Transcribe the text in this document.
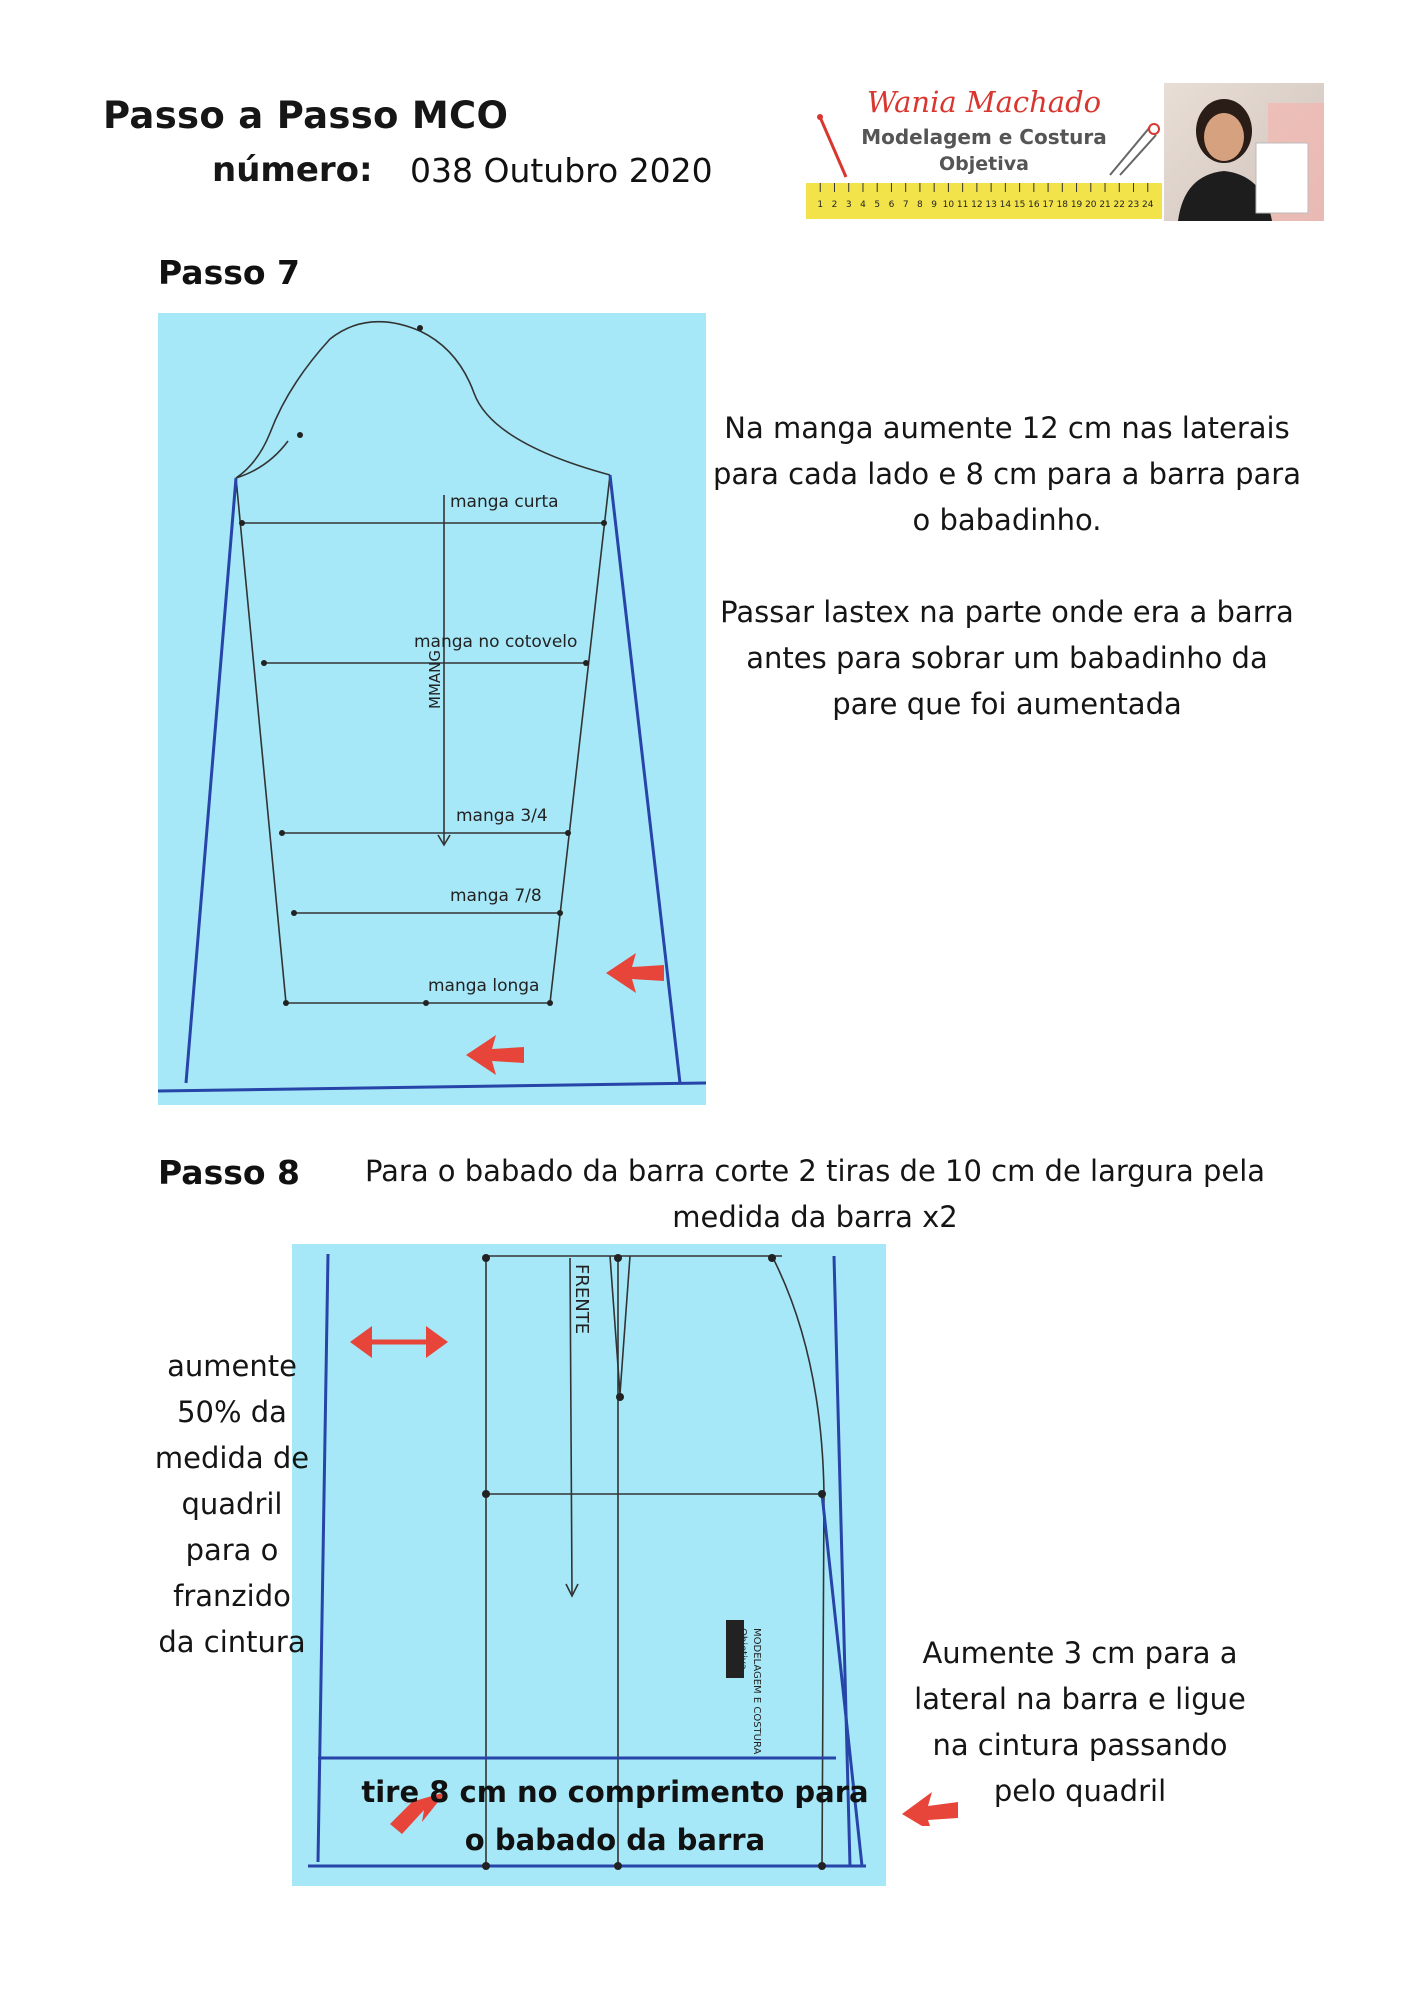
Passo a Passo MCO
número: 038 Outubro 2020
Wania Machado
Modelagem e Costura
Objetiva
1 2 3 4 5 6 7 8 9 10 11 12 13 14 15 16 17 18 19 20 21 22 23 24
Passo 7
manga curta
manga no cotovelo
manga 3/4
manga 7/8
manga longa
MMANG
Na manga aumente 12 cm nas laterais
para cada lado e 8 cm para a barra para
o babadinho.
Passar lastex na parte onde era a barra
antes para sobrar um babadinho da
pare que foi aumentada
Passo 8	Para o babado da barra corte 2 tiras de 10 cm de largura pela
medida da barra x2
FRENTE
MODELAGEM E COSTURA
Objetiva
tire 8 cm no comprimento para
o babado da barra
aumente
50% da
medida de
quadril
para o
franzido
da cintura	Aumente 3 cm para a
lateral na barra e ligue
na cintura passando
pelo quadril
